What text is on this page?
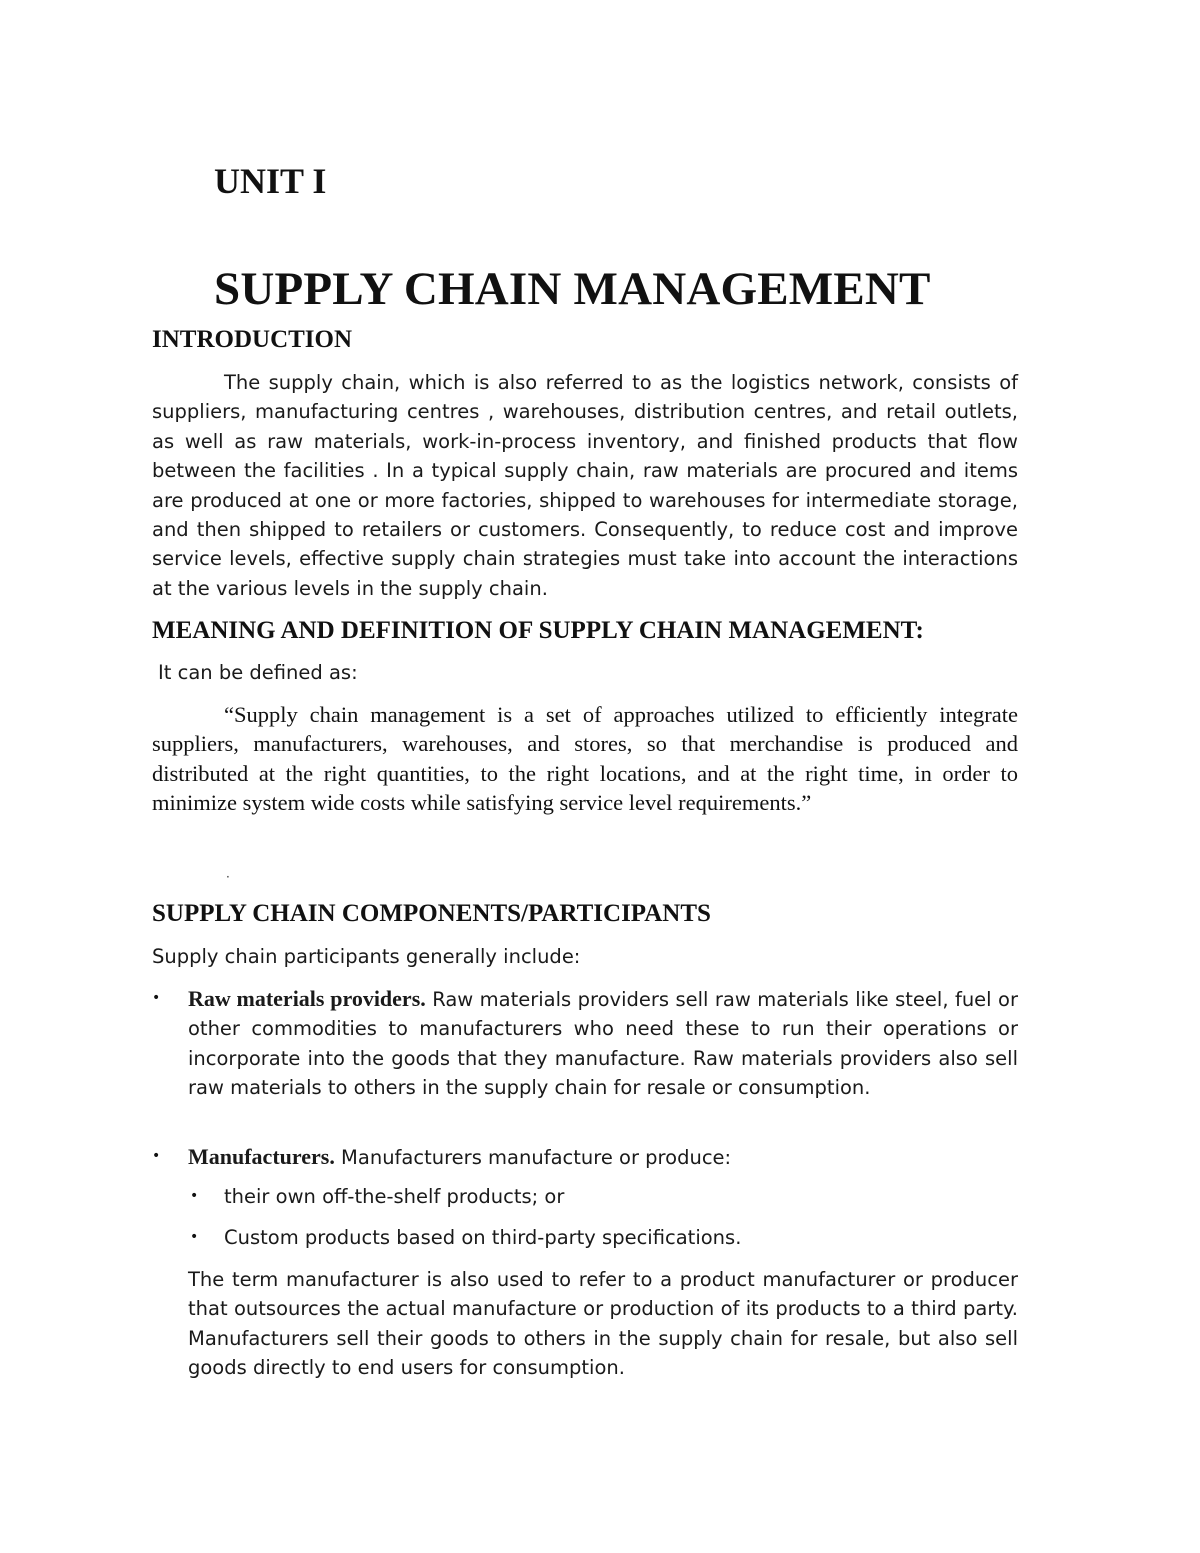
UNIT I
SUPPLY CHAIN MANAGEMENT
INTRODUCTION

The supply chain, which is also referred to as the logistics network, consists of suppliers, manufacturing centres , warehouses, distribution centres, and retail outlets, as well as raw materials, work-in-process inventory, and finished products that flow between the facilities . In a typical supply chain, raw materials are procured and items are produced at one or more factories, shipped to warehouses for intermediate storage, and then shipped to retailers or customers. Consequently, to reduce cost and improve service levels, effective supply chain strategies must take into account the interactions at the various levels in the supply chain.

MEANING AND DEFINITION OF SUPPLY CHAIN MANAGEMENT:

It can be defined as:

“Supply chain management is a set of approaches utilized to efficiently integrate suppliers, manufacturers, warehouses, and stores, so that merchandise is produced and distributed at the right quantities, to the right locations, and at the right time, in order to minimize system wide costs while satisfying service level requirements.”

·
SUPPLY CHAIN COMPONENTS/PARTICIPANTS

Supply chain participants generally include:

• Raw materials providers. Raw materials providers sell raw materials like steel, fuel or other commodities to manufacturers who need these to run their operations or incorporate into the goods that they manufacture. Raw materials providers also sell raw materials to others in the supply chain for resale or consumption.

• Manufacturers. Manufacturers manufacture or produce:

• their own off-the-shelf products; or

• Custom products based on third-party specifications.

The term manufacturer is also used to refer to a product manufacturer or producer that outsources the actual manufacture or production of its products to a third party. Manufacturers sell their goods to others in the supply chain for resale, but also sell goods directly to end users for consumption.
